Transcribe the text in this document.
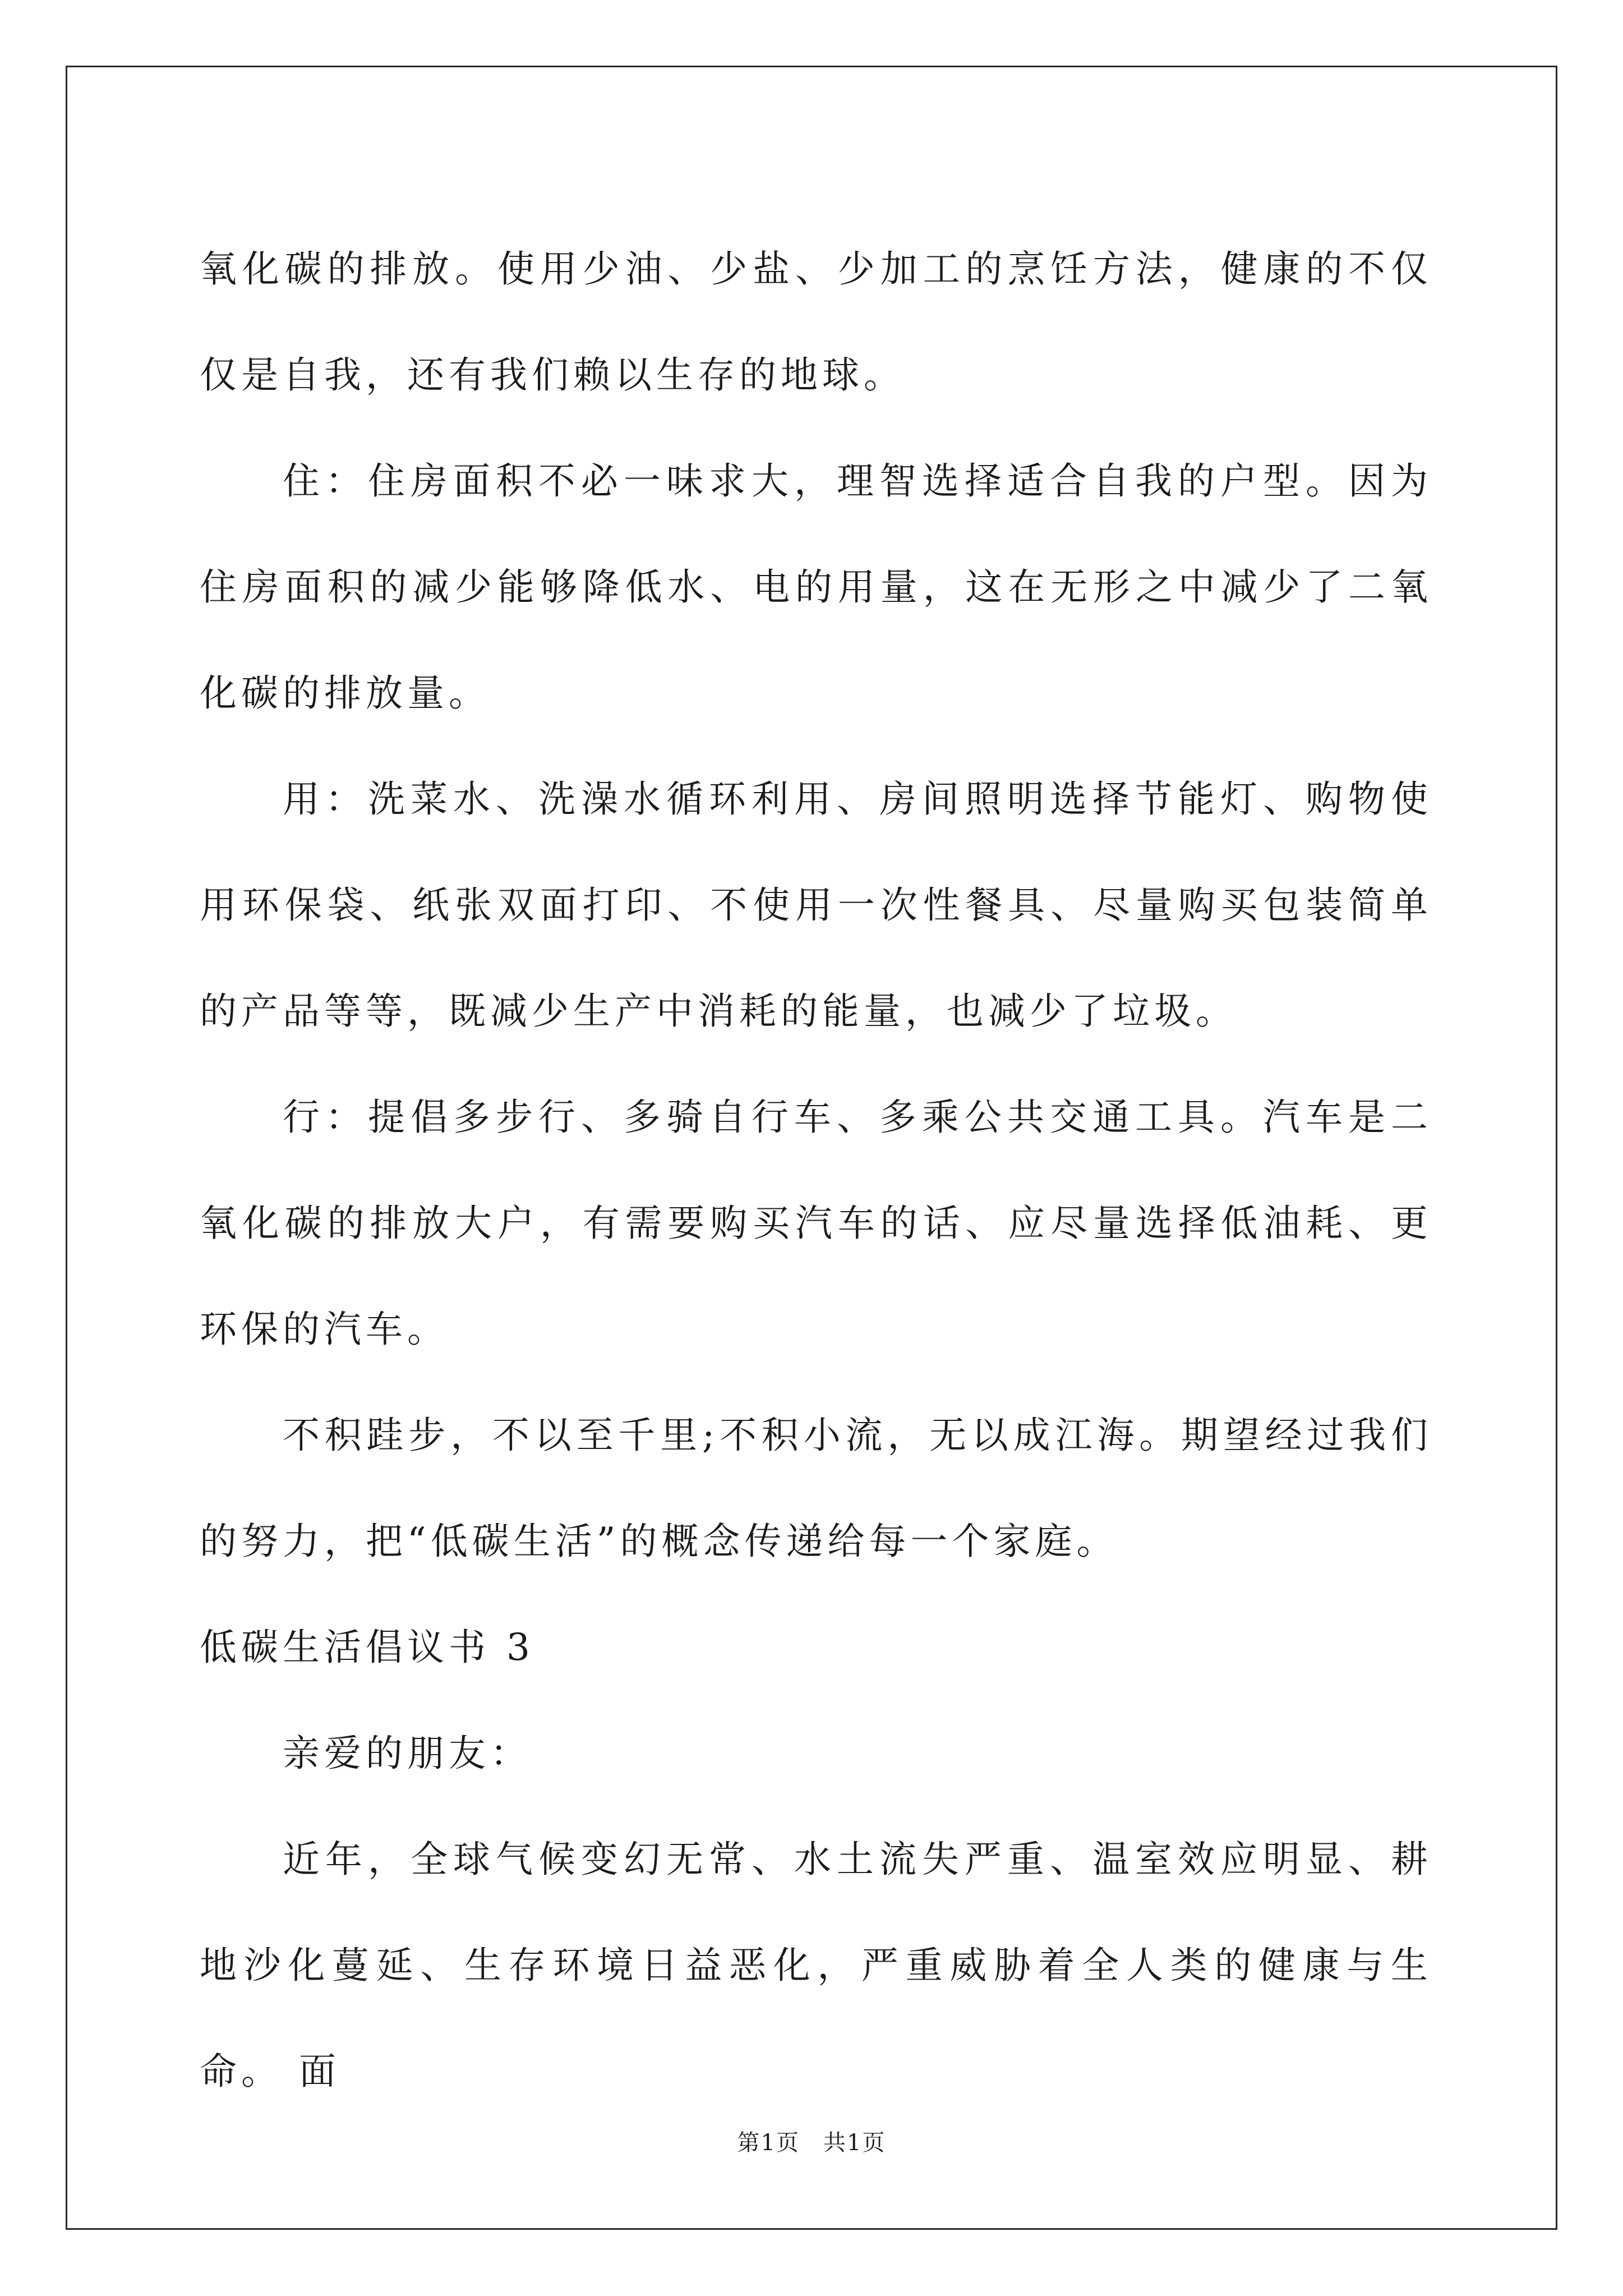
氧化碳的排放。使用少油、少盐、少加工的烹饪方法，健康的不仅仅是自我，还有我们赖以生存的地球。

住：住房面积不必一味求大，理智选择适合自我的户型。因为住房面积的减少能够降低水、电的用量，这在无形之中减少了二氧化碳的排放量。

用：洗菜水、洗澡水循环利用、房间照明选择节能灯、购物使用环保袋、纸张双面打印、不使用一次性餐具、尽量购买包装简单的产品等等，既减少生产中消耗的能量，也减少了垃圾。

行：提倡多步行、多骑自行车、多乘公共交通工具。汽车是二氧化碳的排放大户，有需要购买汽车的话、应尽量选择低油耗、更环保的汽车。

不积跬步，不以至千里;不积小流，无以成江海。期望经过我们的努力，把“低碳生活”的概念传递给每一个家庭。

低碳生活倡议书 3

亲爱的朋友：

近年，全球气候变幻无常、水土流失严重、温室效应明显、耕地沙化蔓延、生存环境日益恶化，严重威胁着全人类的健康与生命。 面

第1页　共1页
